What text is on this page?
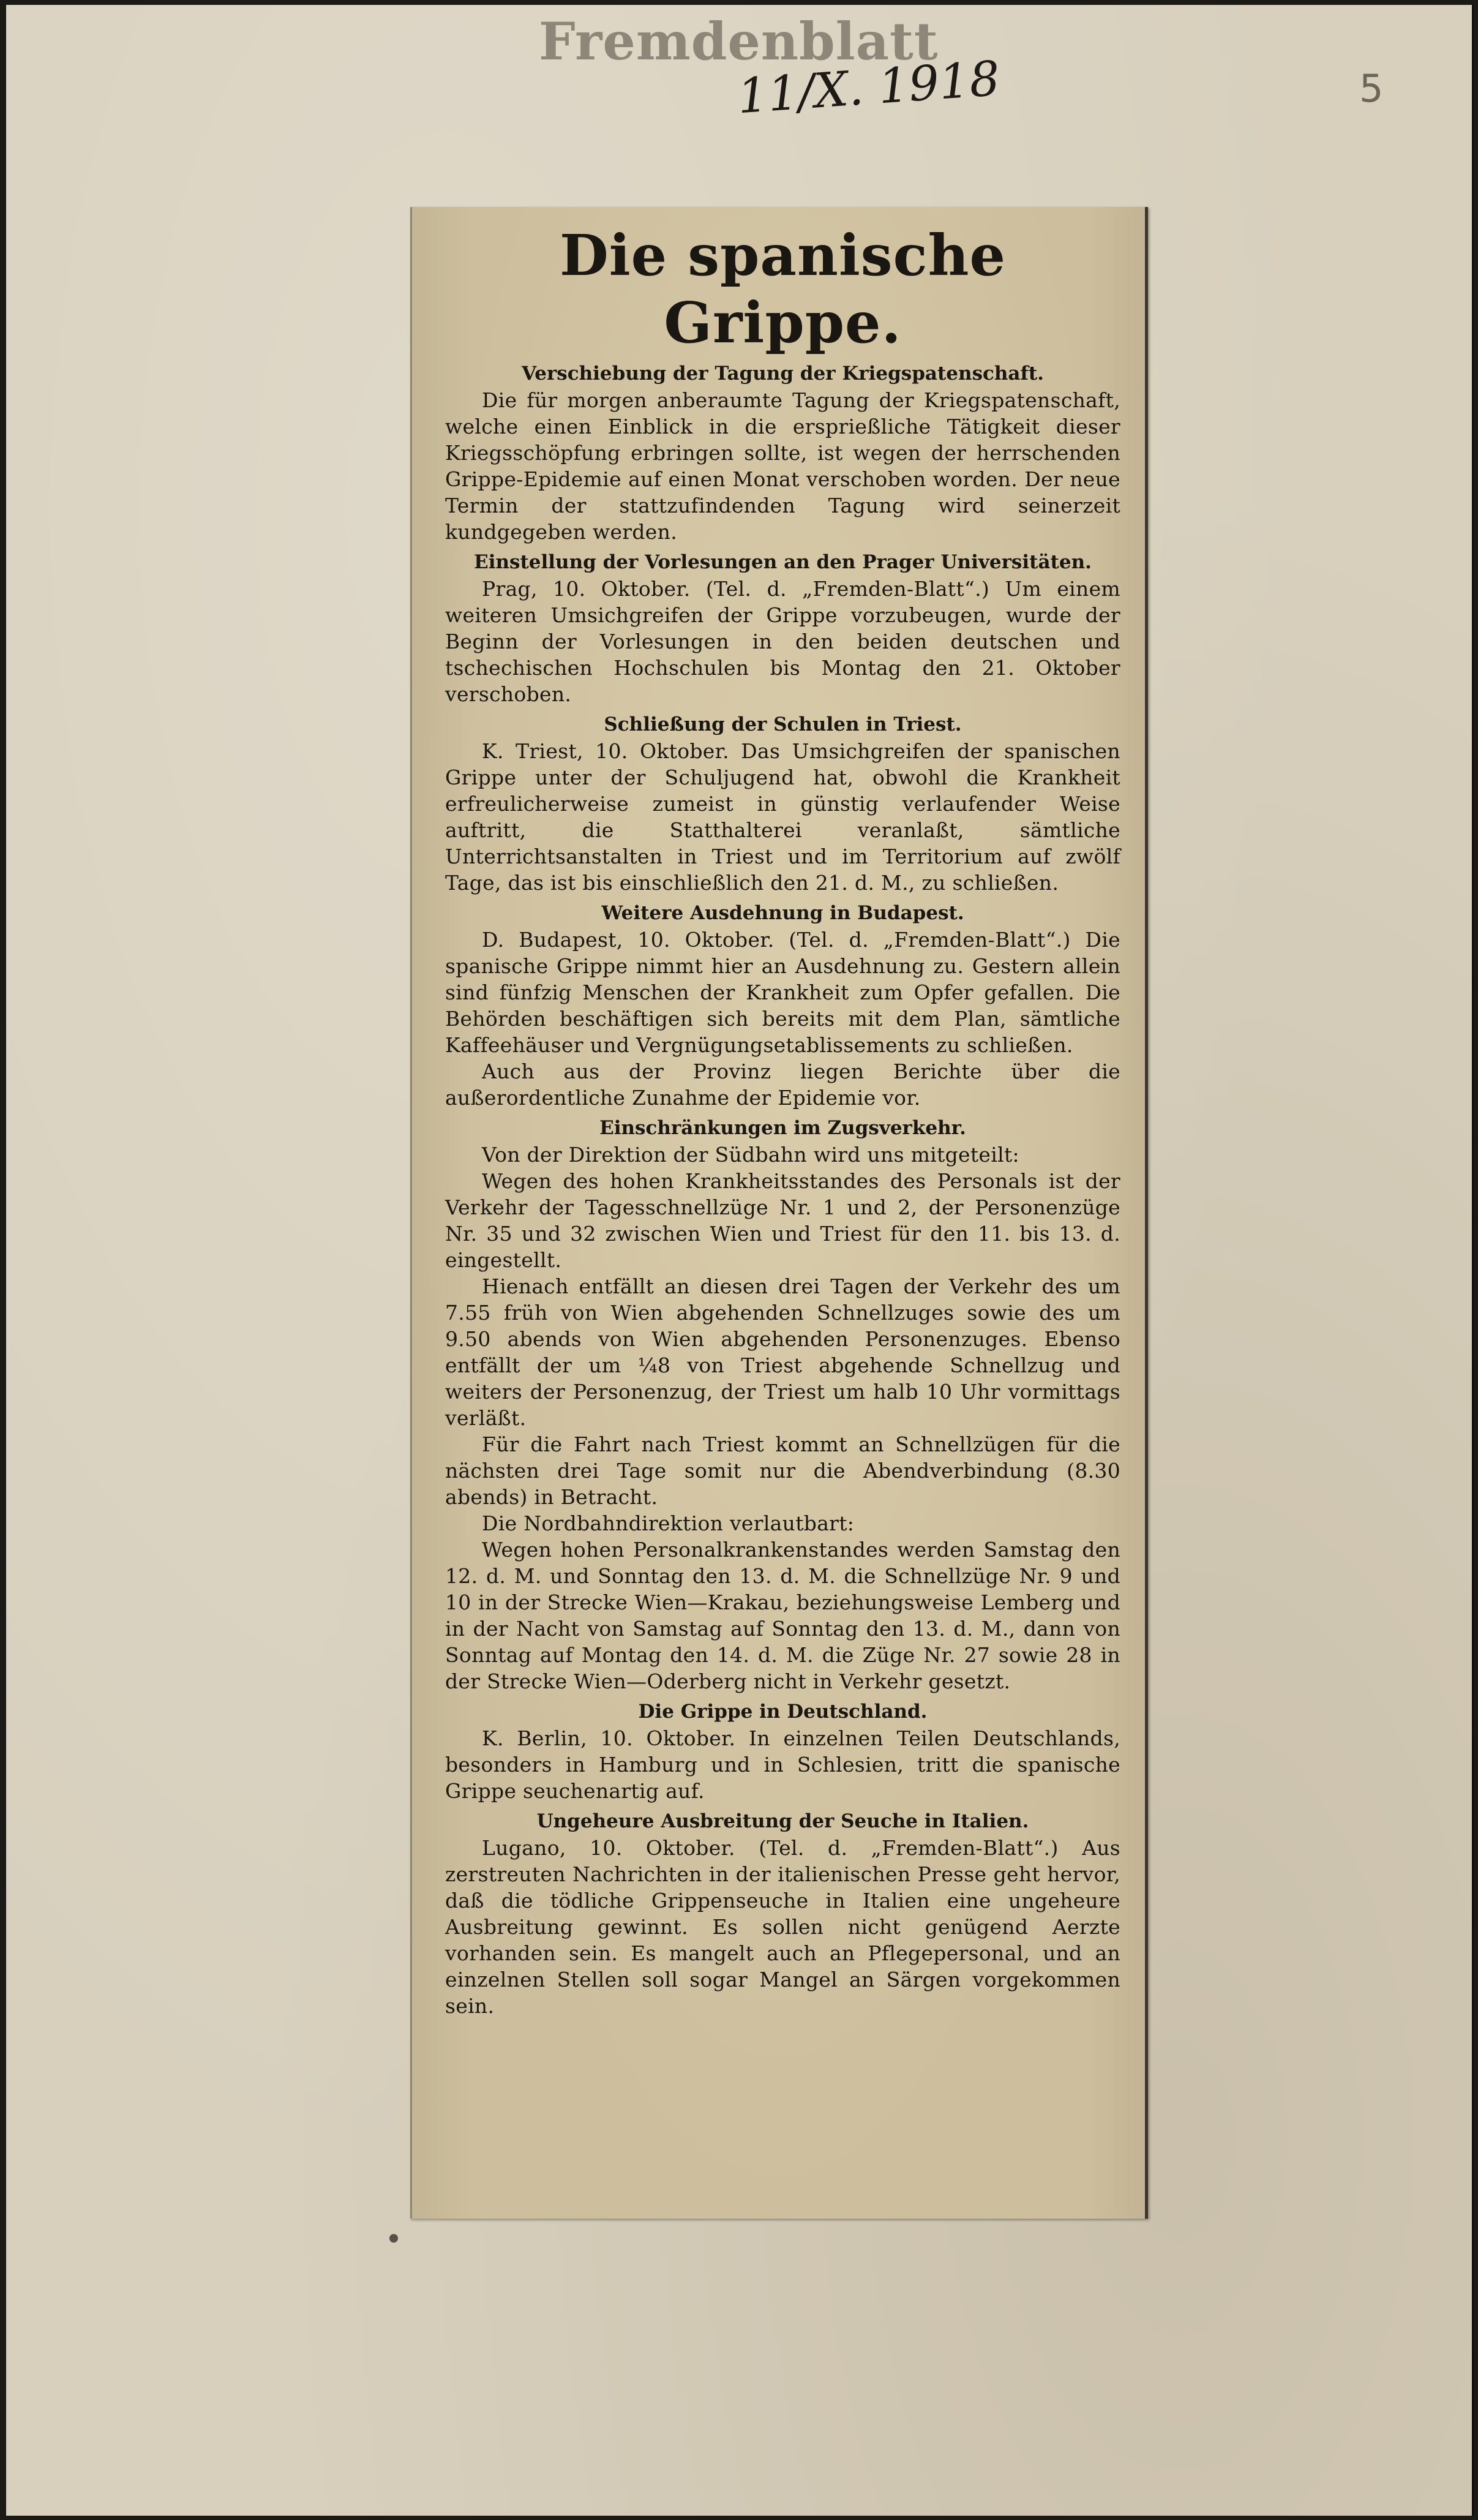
Fremdenblatt
11/X. 1918	5
Die spanische Grippe.
Verschiebung der Tagung der Kriegspatenschaft.

Die für morgen anberaumte Tagung der Kriegspatenschaft, welche einen Einblick in die ersprießliche Tätigkeit dieser Kriegsschöpfung erbringen sollte, ist wegen der herrschenden Grippe-Epidemie auf einen Monat verschoben worden. Der neue Termin der stattzufindenden Tagung wird seinerzeit kundgegeben werden.

Einstellung der Vorlesungen an den Prager Universitäten.

Prag, 10. Oktober. (Tel. d. „Fremden-Blatt“.) Um einem weiteren Umsichgreifen der Grippe vorzubeugen, wurde der Beginn der Vorlesungen in den beiden deutschen und tschechischen Hochschulen bis Montag den 21. Oktober verschoben.

Schließung der Schulen in Triest.

K. Triest, 10. Oktober. Das Umsichgreifen der spanischen Grippe unter der Schuljugend hat, obwohl die Krankheit erfreulicherweise zumeist in günstig verlaufender Weise auftritt, die Statthalterei veranlaßt, sämtliche Unterrichtsanstalten in Triest und im Territorium auf zwölf Tage, das ist bis einschließlich den 21. d. M., zu schließen.

Weitere Ausdehnung in Budapest.

D. Budapest, 10. Oktober. (Tel. d. „Fremden-Blatt“.) Die spanische Grippe nimmt hier an Ausdehnung zu. Gestern allein sind fünfzig Menschen der Krankheit zum Opfer gefallen. Die Behörden beschäftigen sich bereits mit dem Plan, sämtliche Kaffeehäuser und Vergnügungsetablissements zu schließen.

Auch aus der Provinz liegen Berichte über die außerordentliche Zunahme der Epidemie vor.

Einschränkungen im Zugsverkehr.

Von der Direktion der Südbahn wird uns mitgeteilt:

Wegen des hohen Krankheitsstandes des Personals ist der Verkehr der Tagesschnellzüge Nr. 1 und 2, der Personenzüge Nr. 35 und 32 zwischen Wien und Triest für den 11. bis 13. d. eingestellt.

Hienach entfällt an diesen drei Tagen der Verkehr des um 7.55 früh von Wien abgehenden Schnellzuges sowie des um 9.50 abends von Wien abgehenden Personenzuges. Ebenso entfällt der um ¼8 von Triest abgehende Schnellzug und weiters der Personenzug, der Triest um halb 10 Uhr vormittags verläßt.

Für die Fahrt nach Triest kommt an Schnellzügen für die nächsten drei Tage somit nur die Abendverbindung (8.30 abends) in Betracht.

Die Nordbahndirektion verlautbart:

Wegen hohen Personalkrankenstandes werden Samstag den 12. d. M. und Sonntag den 13. d. M. die Schnellzüge Nr. 9 und 10 in der Strecke Wien—Krakau, beziehungsweise Lemberg und in der Nacht von Samstag auf Sonntag den 13. d. M., dann von Sonntag auf Montag den 14. d. M. die Züge Nr. 27 sowie 28 in der Strecke Wien—Oderberg nicht in Verkehr gesetzt.

Die Grippe in Deutschland.

K. Berlin, 10. Oktober. In einzelnen Teilen Deutschlands, besonders in Hamburg und in Schlesien, tritt die spanische Grippe seuchenartig auf.

Ungeheure Ausbreitung der Seuche in Italien.

Lugano, 10. Oktober. (Tel. d. „Fremden-Blatt“.) Aus zerstreuten Nachrichten in der italienischen Presse geht hervor, daß die tödliche Grippenseuche in Italien eine ungeheure Ausbreitung gewinnt. Es sollen nicht genügend Aerzte vorhanden sein. Es mangelt auch an Pflegepersonal, und an einzelnen Stellen soll sogar Mangel an Särgen vorgekommen sein.
